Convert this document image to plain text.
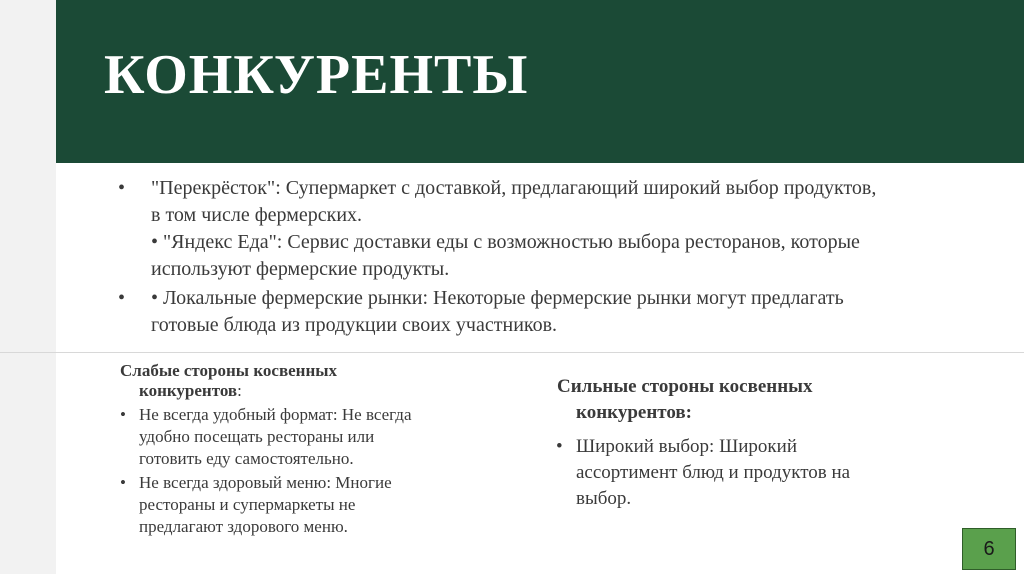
КОНКУРЕНТЫ
• "Перекрёсток": Супермаркет с доставкой, предлагающий широкий выбор продуктов,
в том числе фермерских.
• "Яндекс Еда": Сервис доставки еды с возможностью выбора ресторанов, которые
используют фермерские продукты.
• • Локальные фермерские рынки: Некоторые фермерские рынки могут предлагать
готовые блюда из продукции своих участников.
Слабые стороны косвенных
конкурентов:
• Не всегда удобный формат: Не всегда
удобно посещать рестораны или
готовить еду самостоятельно.
• Не всегда здоровый меню: Многие
рестораны и супермаркеты не
предлагают здорового меню.
Сильные стороны косвенных
конкурентов:
• Широкий выбор: Широкий
ассортимент блюд и продуктов на
выбор.
6
